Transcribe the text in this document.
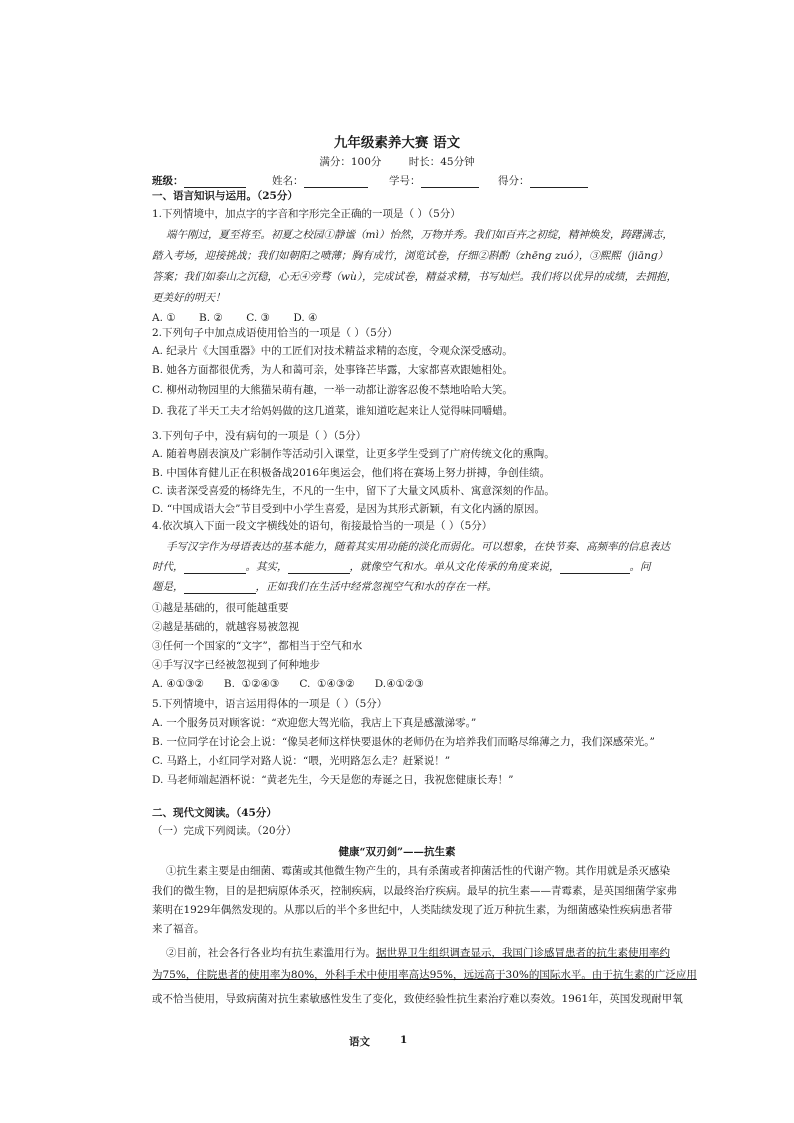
九年级素养大赛 语文
满分：100分	时长：45分钟
班级：	姓名：	学号：	得分：
一、语言知识与运用。（25分）
1.下列情境中，加点字的字音和字形完全正确的一项是（ ）（5分）
端午刚过，夏至将至。初夏之校园①静谧（mì）怡然，万物并秀。我们如百卉之初绽，精神焕发，踌躇满志，
踏入考场，迎接挑战；我们如朝阳之喷薄；胸有成竹，浏览试卷，仔细②斟酌（zhēnɡ zuó），③熙熙（jiānɡ）
答案；我们如泰山之沉稳，心无④旁骛（wù），完成试卷，精益求精，书写灿烂。我们将以优异的成绩，去拥抱，
更美好的明天！
A. ①       B. ②       C. ③       D. ④
2.下列句子中加点成语使用恰当的一项是（ ）（5分）
A. 纪录片《大国重器》中的工匠们对技术精益求精的态度，令观众深受感动。
B. 她各方面都很优秀，为人和蔼可亲，处事锋芒毕露，大家都喜欢跟她相处。
C. 柳州动物园里的大熊猫呆萌有趣，一举一动都让游客忍俊不禁地哈哈大笑。
D. 我花了半天工夫才给妈妈做的这几道菜，谁知道吃起来让人觉得味同嚼蜡。
3.下列句子中，没有病句的一项是（ ）（5分）
A. 随着粤剧表演及广彩制作等活动引入课堂，让更多学生受到了广府传统文化的熏陶。
B. 中国体育健儿正在积极备战2016年奥运会，他们将在赛场上努力拼搏，争创佳绩。
C. 读者深受喜爱的杨绛先生，不凡的一生中，留下了大量文风质朴、寓意深刻的作品。
D. “中国成语大会”节目受到中小学生喜爱，是因为其形式新颖，有文化内涵的原因。
4.依次填入下面一段文字横线处的语句，衔接最恰当的一项是（ ）（5分）
手写汉字作为母语表达的基本能力，随着其实用功能的淡化而弱化。可以想象，在快节奏、高频率的信息表达
时代，	。其实，	，就像空气和水。单从文化传承的角度来说，	。问
题是，	，正如我们在生活中经常忽视空气和水的存在一样。
①越是基础的，很可能越重要
②越是基础的，就越容易被忽视
③任何一个国家的“文字”，都相当于空气和水
④手写汉字已经被忽视到了何种地步
A. ④①③②      B.  ①②④③      C.  ①④③②      D.④①②③
5.下列情境中，语言运用得体的一项是（ ）（5分）
A. 一个服务员对顾客说：“欢迎您大驾光临，我店上下真是感激涕零。”
B. 一位同学在讨论会上说：“像吴老师这样快要退休的老师仍在为培养我们而略尽绵薄之力，我们深感荣光。”
C. 马路上，小红同学对路人说：“喂，光明路怎么走？赶紧说！”
D. 马老师端起酒杯说：“黄老先生，今天是您的寿诞之日，我祝您健康长寿！”
二、现代文阅读。（45分）
（一）完成下列阅读。（20分）
健康“双刃剑”——抗生素
①抗生素主要是由细菌、霉菌或其他微生物产生的，具有杀菌或者抑菌活性的代谢产物。其作用就是杀灭感染
我们的微生物，目的是把病原体杀灭，控制疾病，以最终治疗疾病。最早的抗生素——青霉素，是英国细菌学家弗
莱明在1929年偶然发现的。从那以后的半个多世纪中，人类陆续发现了近万种抗生素，为细菌感染性疾病患者带
来了福音。
②目前，社会各行各业均有抗生素滥用行为。据世界卫生组织调查显示，我国门诊感冒患者的抗生素使用率约
为75%，住院患者的使用率为80%，外科手术中使用率高达95%，远远高于30%的国际水平。由于抗生素的广泛应用
或不恰当使用，导致病菌对抗生素敏感性发生了变化，致使经验性抗生素治疗难以奏效。1961年，英国发现耐甲氧
语文	1
